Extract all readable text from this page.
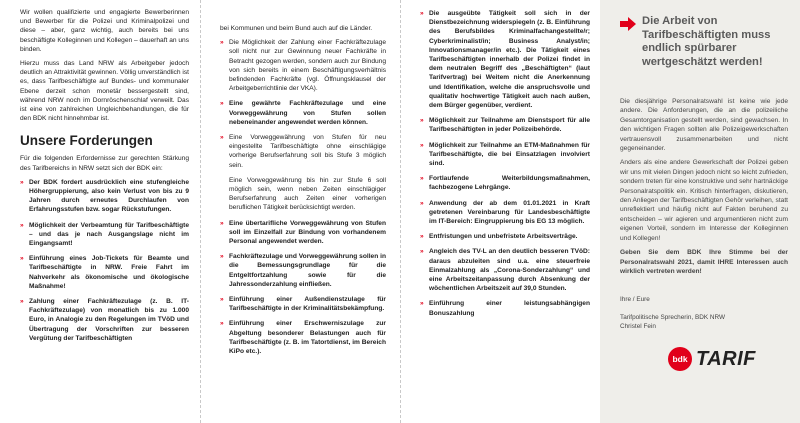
Wir wollen qualifizierte und engagierte Bewerberinnen und Bewerber für die Polizei und Kriminalpolizei und diese – aber, ganz wichtig, auch bereits bei uns beschäftigte Kolleginnen und Kollegen – dauerhaft an uns binden.

Hierzu muss das Land NRW als Arbeitgeber jedoch deutlich an Attraktivität gewinnen. Völlig unverständlich ist es, dass Tarifbeschäftigte auf Bundes- und kommunaler Ebene derzeit schon monetär bessergestellt sind, während NRW noch im Dornröschenschlaf verweilt. Das ist eine von zahlreichen Ungleichbehandlungen, die für den BDK nicht hinnehmbar ist.

Unsere Forderungen

Für die folgenden Erfordernisse zur gerechten Stärkung des Tarifbereichs in NRW setzt sich der BDK ein:

» Der BDK fordert ausdrücklich eine stufengleiche Höhergruppierung, also kein Verlust von bis zu 9 Jahren durch erneutes Durchlaufen von Erfahrungsstufen bzw. sogar Rückstufungen.
» Möglichkeit der Verbeamtung für Tarifbeschäftigte – und das je nach Ausgangslage nicht im Eingangsamt!
» Einführung eines Job-Tickets für Beamte und Tarifbeschäftigte in NRW. Freie Fahrt im Nahverkehr als ökonomische und ökologische Maßnahme!
» Zahlung einer Fachkräftezulage (z. B. IT-Fachkräftezulage) von monatlich bis zu 1.000 Euro, in Analogie zu den Regelungen im TVöD und Übertragung der Vorschriften zur besseren Vergütung der Tarifbeschäftigten

bei Kommunen und beim Bund auch auf die Länder.

» Die Möglichkeit der Zahlung einer Fachkräftezulage soll nicht nur zur Gewinnung neuer Fachkräfte in Betracht gezogen werden, sondern auch zur Bindung von sich bereits in einem Beschäftigungsverhältnis befindenden Fachkräfte (vgl. Öffnungsklausel der Arbeitgeberrichtlinie der VKA).
» Eine gewährte Fachkräftezulage und eine Vorweggewährung von Stufen sollen nebeneinander angewendet werden können.
» Eine Vorweggewährung von Stufen für neu eingestellte Tarifbeschäftigte ohne einschlägige vorherige Berufserfahrung soll bis Stufe 3 möglich sein.
Eine Vorweggewährung bis hin zur Stufe 6 soll möglich sein, wenn neben Zeiten einschlägiger Berufserfahrung auch Zeiten einer vorherigen beruflichen Tätigkeit berücksichtigt werden.
» Eine übertarifliche Vorweggewährung von Stufen soll im Einzelfall zur Bindung von vorhandenem Personal angewendet werden.
» Fachkräftezulage und Vorweggewährung sollen in die Bemessungsgrundlage für die Entgeltfortzahlung sowie für die Jahressonderzahlung einfließen.
» Einführung einer Außendienstzulage für Tarifbeschäftigte in der Kriminalitätsbekämpfung.
» Einführung einer Erschwerniszulage zur Abgeltung besonderer Belastungen auch für Tarifbeschäftigte (z. B. im Tatortdienst, im Bereich KiPo etc.).
» Die ausgeübte Tätigkeit soll sich in der Dienstbezeichnung widerspiegeln (z. B. Einführung des Berufsbildes Kriminalfachangestellte/r; Cyberkriminalist/in; Business Analyst/in; Innovationsmanager/in etc.). Die Tätigkeit eines Tarifbeschäftigten innerhalb der Polizei findet in dem neutralen Begriff des „Beschäftigten“ (laut Tarifvertrag) bei Weitem nicht die Anerkennung und Identifikation, welche die anspruchsvolle und qualitativ hochwertige Tätigkeit auch nach außen, dem Bürger gegenüber, verdient.
» Möglichkeit zur Teilnahme am Dienstsport für alle Tarifbeschäftigten in jeder Polizeibehörde.
» Möglichkeit zur Teilnahme an ETM-Maßnahmen für Tarifbeschäftigte, die bei Einsatzlagen involviert sind.
» Fortlaufende Weiterbildungsmaßnahmen, fachbezogene Lehrgänge.
» Anwendung der ab dem 01.01.2021 in Kraft getretenen Vereinbarung für Landesbeschäftigte im IT-Bereich: Eingruppierung bis EG 13 möglich.
» Entfristungen und unbefristete Arbeitsverträge.
» Angleich des TV-L an den deutlich besseren TVöD: daraus abzuleiten sind u.a. eine steuerfreie Einmalzahlung als „Corona-Sonderzahlung“ und eine Arbeitszeitanpassung durch Absenkung der wöchentlichen Arbeitszeit auf 39,0 Stunden.
» Einführung einer leistungsabhängigen Bonuszahlung
Die Arbeit von Tarifbeschäftigten muss endlich spürbarer wertgeschätzt werden!

Die diesjährige Personalratswahl ist keine wie jede andere. Die Anforderungen, die an die polizeiliche Gesamtorganisation gestellt werden, sind gewachsen. In den wichtigen Fragen sollten alle Polizeigewerkschaften vertrauensvoll zusammenarbeiten und nicht gegeneinander.

Anders als eine andere Gewerkschaft der Polizei geben wir uns mit vielen Dingen jedoch nicht so leicht zufrieden, sondern treten für eine konstruktive und sehr hartnäckige Personalratspolitik ein. Kritisch hinterfragen, diskutieren, den Anliegen der Tarifbeschäftigten Gehör verleihen, statt unreflektiert und häufig nicht auf Fakten beruhend zu entscheiden – wir agieren und argumentieren nicht zum eigenen Vorteil, sondern im Interesse der Kolleginnen und Kollegen!

Geben Sie dem BDK Ihre Stimme bei der Personalratswahl 2021, damit IHRE Interessen auch wirklich vertreten werden!

Ihre / Eure
Tarifpolitische Sprecherin, BDK NRW
Christel Fein
bdk TARIF
